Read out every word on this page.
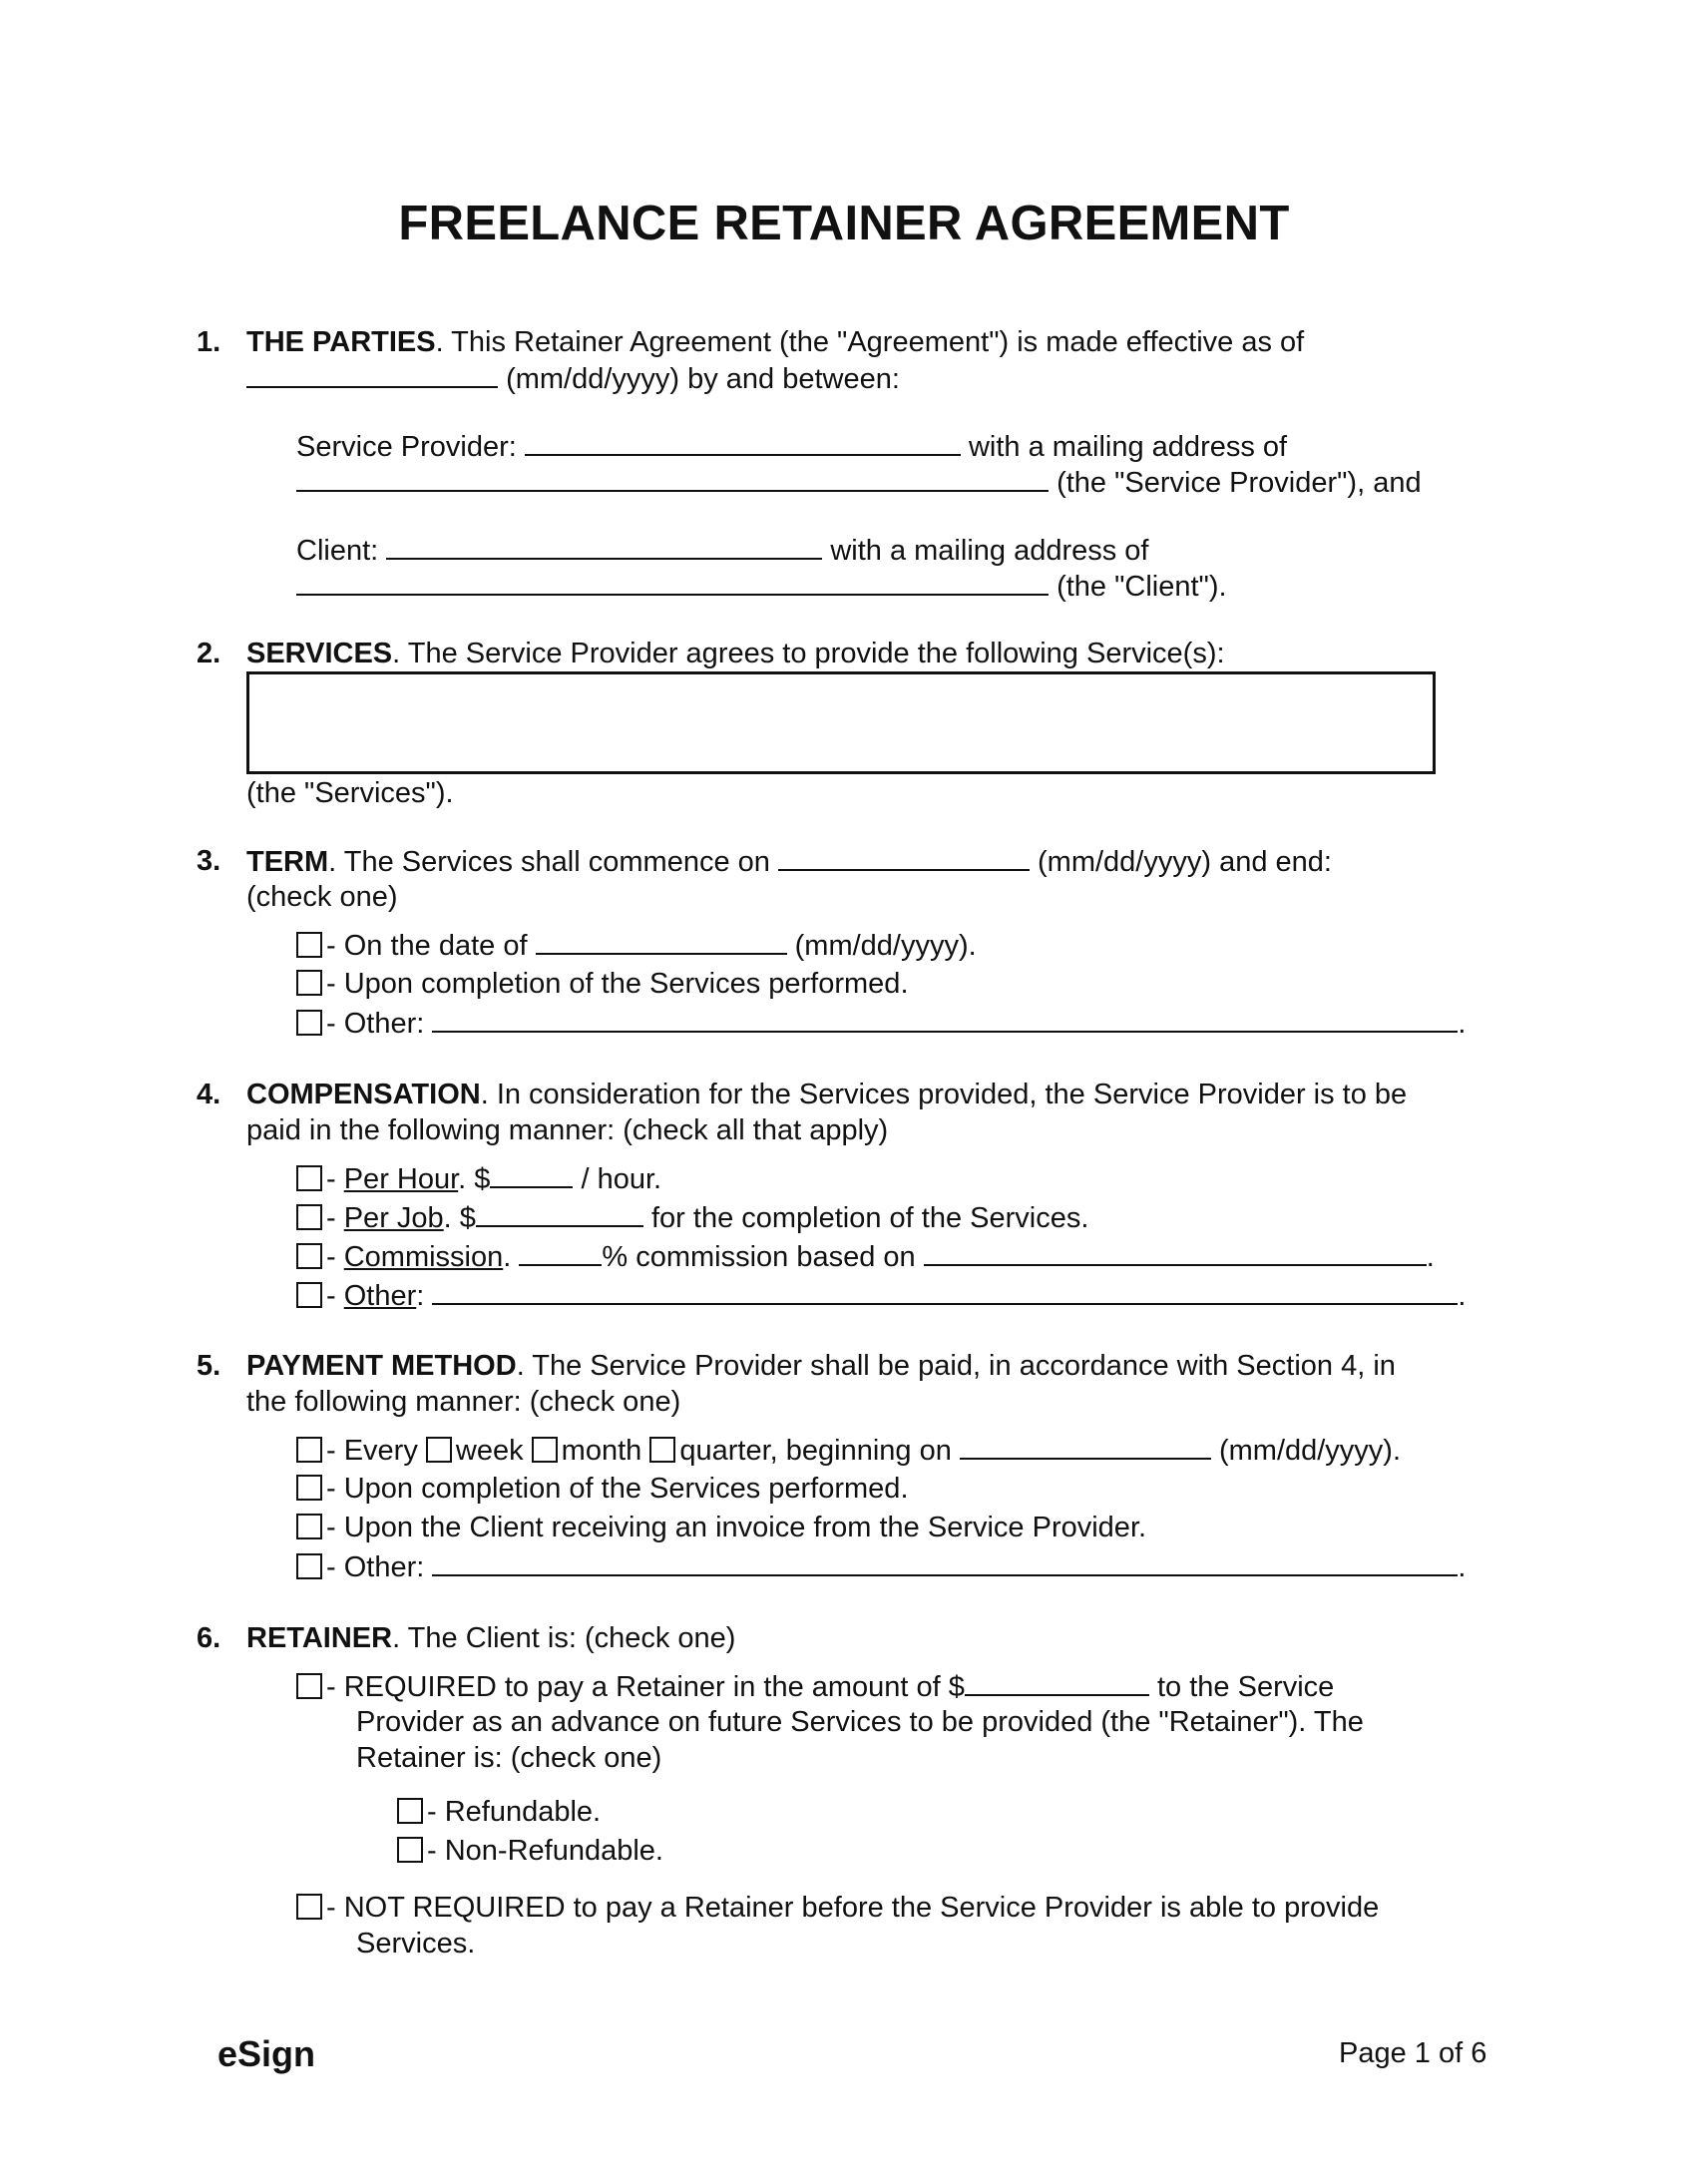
FREELANCE RETAINER AGREEMENT
1. THE PARTIES. This Retainer Agreement (the "Agreement") is made effective as of
(mm/dd/yyyy) by and between:
Service Provider:	with a mailing address of
(the "Service Provider"), and
Client:	with a mailing address of
(the "Client").
2. SERVICES. The Service Provider agrees to provide the following Service(s):
(the "Services").
3. TERM. The Services shall commence on	(mm/dd/yyyy) and end:
(check one)
- On the date of	(mm/dd/yyyy).
- Upon completion of the Services performed.
- Other:	.
4. COMPENSATION. In consideration for the Services provided, the Service Provider is to be
paid in the following manner: (check all that apply)
- Per Hour. $	/ hour.
- Per Job. $	for the completion of the Services.
- Commission.	% commission based on	.
- Other:	.
5. PAYMENT METHOD. The Service Provider shall be paid, in accordance with Section 4, in
the following manner: (check one)
- Every week month quarter, beginning on	(mm/dd/yyyy).
- Upon completion of the Services performed.
- Upon the Client receiving an invoice from the Service Provider.
- Other:	.
6. RETAINER. The Client is: (check one)
- REQUIRED to pay a Retainer in the amount of $	to the Service
Provider as an advance on future Services to be provided (the "Retainer"). The
Retainer is: (check one)
- Refundable.
- Non-Refundable.
- NOT REQUIRED to pay a Retainer before the Service Provider is able to provide
Services.
eSign	Page 1 of 6
